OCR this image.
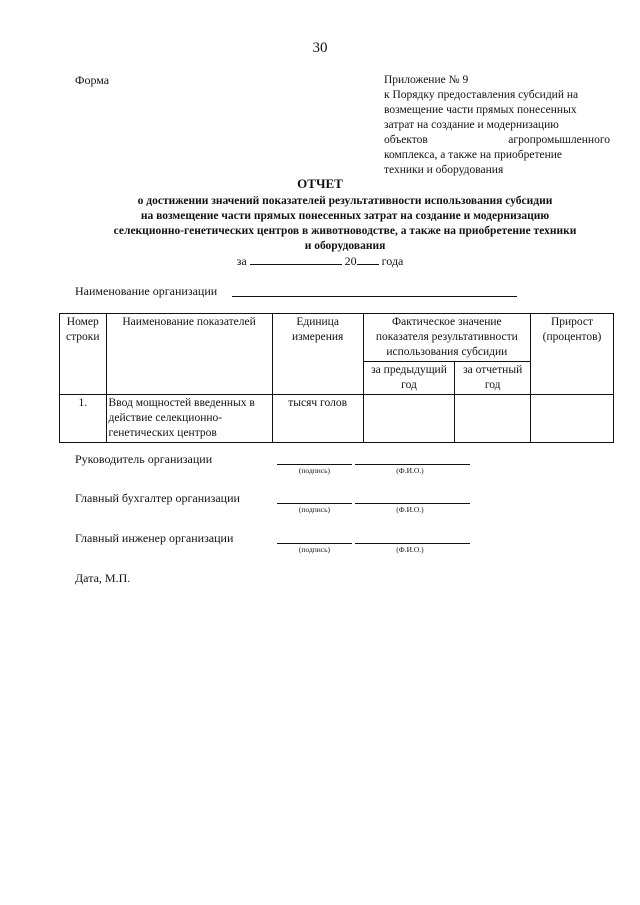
30
Форма	Приложение № 9
к Порядку предоставления субсидий на
возмещение части прямых понесенных
затрат на создание и модернизацию
объектов	агропромышленного
комплекса, а также на приобретение
техники и оборудования
ОТЧЕТ
о достижении значений показателей результативности использования субсидии
на возмещение части прямых понесенных затрат на создание и модернизацию
селекционно-генетических центров в животноводстве, а также на приобретение техники
и оборудования
за	20 года
Наименование организации
Номер строки	Наименование показателей	Единица измерения	Фактическое значение показателя результативности использования субсидии		Прирост (процентов)
			за предыдущий год	за отчетный год	
1.	Ввод мощностей введенных в действие селекционно-генетических центров	тысяч голов			
Руководитель организации
(подпись)	(Ф.И.О.)
Главный бухгалтер организации
(подпись)	(Ф.И.О.)
Главный инженер организации
(подпись)	(Ф.И.О.)
Дата, М.П.
